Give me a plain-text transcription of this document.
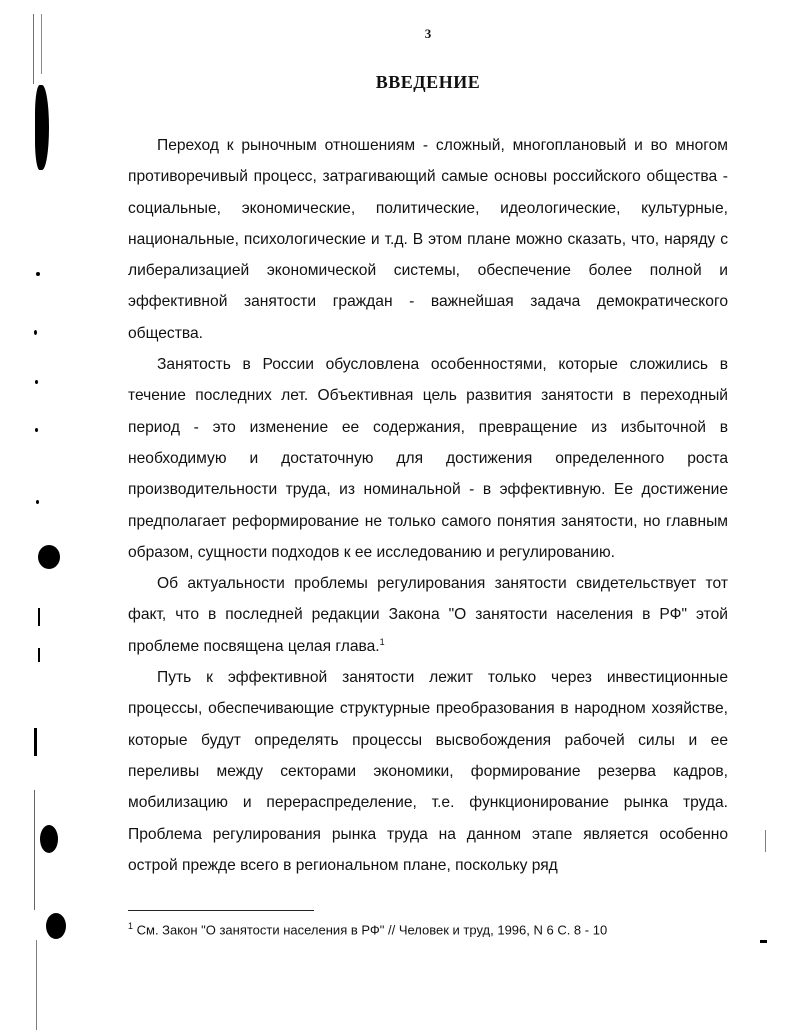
3
ВВЕДЕНИЕ

Переход к рыночным отношениям - сложный, многоплановый и во многом противоречивый процесс, затрагивающий самые основы российского общества - социальные, экономические, политические, идеологические, культурные, национальные, психологические и т.д. В этом плане можно сказать, что, наряду с либерализацией экономической системы, обеспечение более полной и эффективной занятости граждан - важнейшая задача демократического общества.

Занятость в России обусловлена особенностями, которые сложились в течение последних лет. Объективная цель развития занятости в переходный период - это изменение ее содержания, превращение из избыточной в необходимую и достаточную для достижения определенного роста производительности труда, из номинальной - в эффективную. Ее достижение предполагает реформирование не только самого понятия занятости, но главным образом, сущности подходов к ее исследованию и регулированию.

Об актуальности проблемы регулирования занятости свидетельствует тот факт, что в последней редакции Закона "О занятости населения в РФ" этой проблеме посвящена целая глава.$^1$

Путь к эффективной занятости лежит только через инвестиционные процессы, обеспечивающие структурные преобразования в народном хозяйстве, которые будут определять процессы высвобождения рабочей силы и ее переливы между секторами экономики, формирование резерва кадров, мобилизацию и перераспределение, т.е. функционирование рынка труда. Проблема регулирования рынка труда на данном этапе является особенно острой прежде всего в региональном плане, поскольку ряд

$^1$ См. Закон "О занятости населения в РФ" // Человек и труд, 1996, N 6 С. 8 - 10
